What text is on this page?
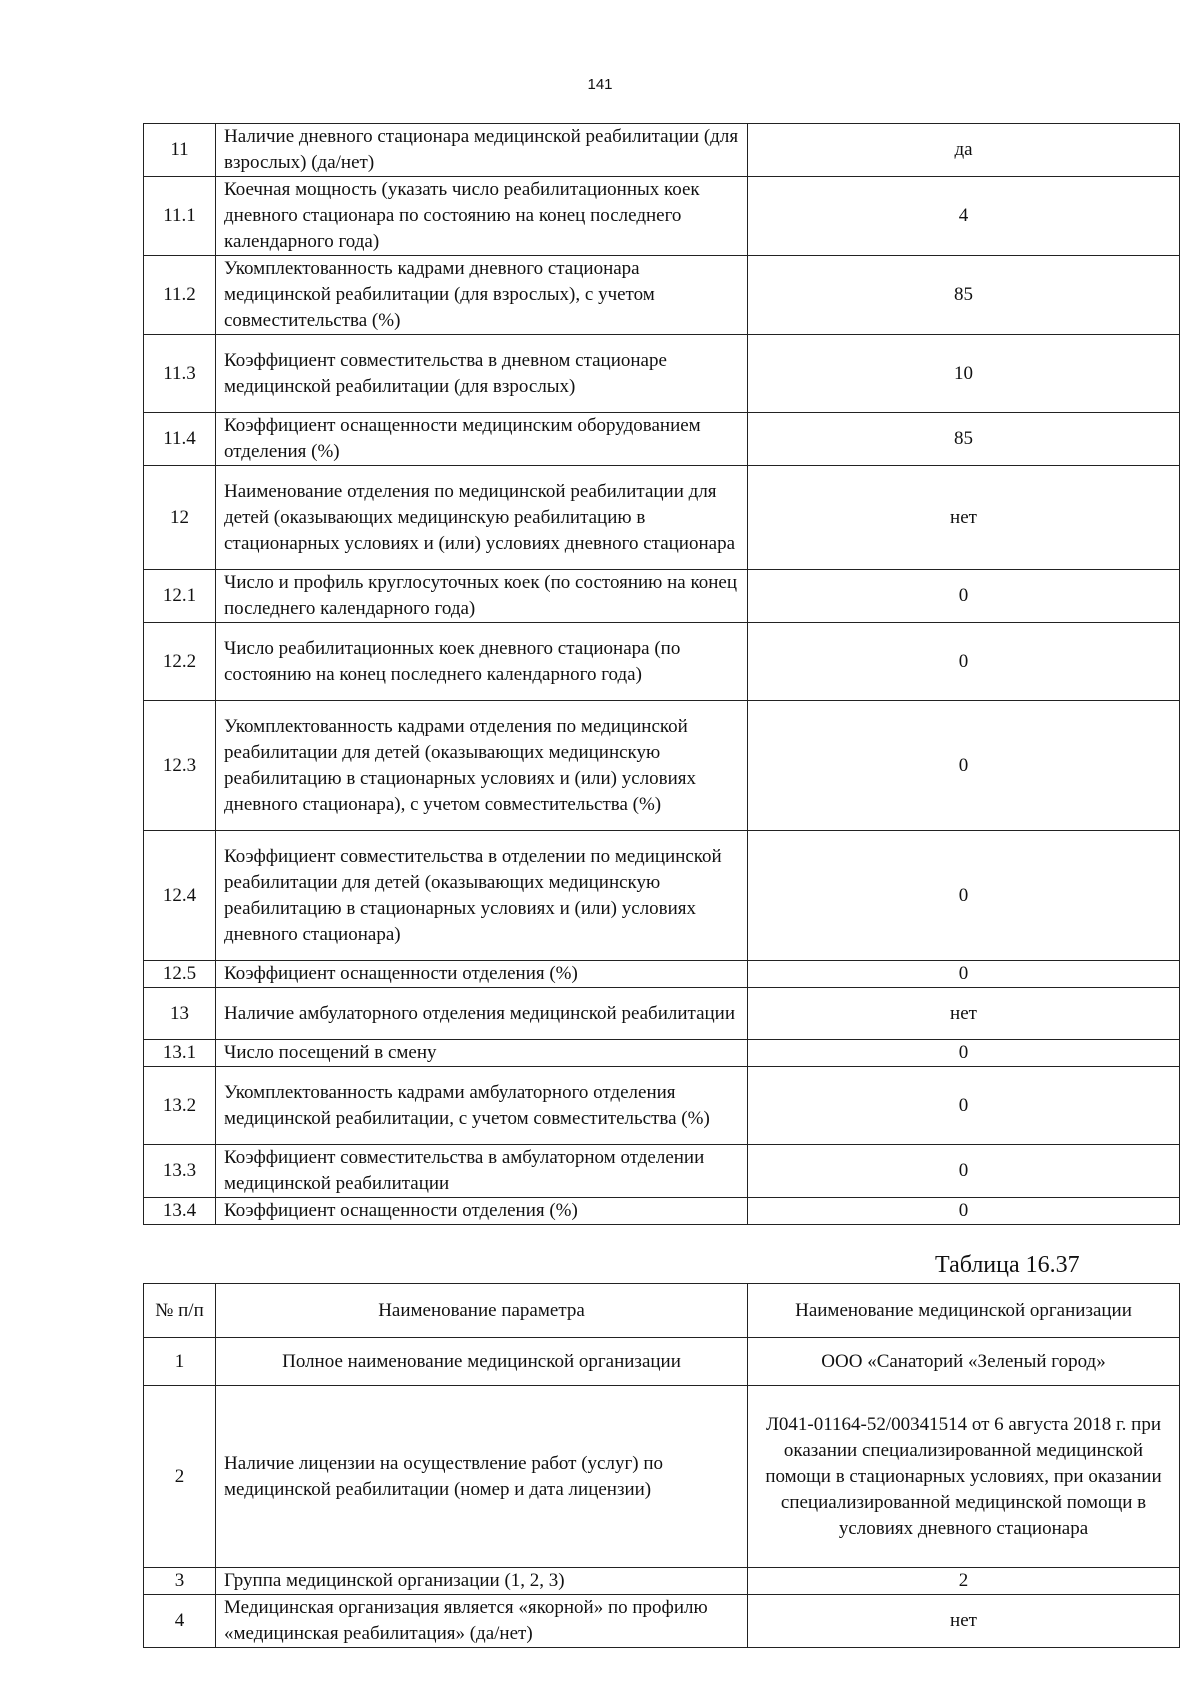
141
11	Наличие дневного стационара медицинской реабилитации (для взрослых) (да/нет)	да
11.1	Коечная мощность (указать число реабилитационных коек дневного стационара по состоянию на конец последнего календарного года)	4
11.2	Укомплектованность кадрами дневного стационара медицинской реабилитации (для взрослых), с учетом совместительства (%)	85
11.3	Коэффициент совместительства в дневном стационаре медицинской реабилитации (для взрослых)	10
11.4	Коэффициент оснащенности медицинским оборудованием отделения (%)	85
12	Наименование отделения по медицинской реабилитации для детей (оказывающих медицинскую реабилитацию в стационарных условиях и (или) условиях дневного стационара	нет
12.1	Число и профиль круглосуточных коек (по состоянию на конец последнего календарного года)	0
12.2	Число реабилитационных коек дневного стационара (по состоянию на конец последнего календарного года)	0
12.3	Укомплектованность кадрами отделения по медицинской реабилитации для детей (оказывающих медицинскую реабилитацию в стационарных условиях и (или) условиях дневного стационара), с учетом совместительства (%)	0
12.4	Коэффициент совместительства в отделении по медицинской реабилитации для детей (оказывающих медицинскую реабилитацию в стационарных условиях и (или) условиях дневного стационара)	0
12.5	Коэффициент оснащенности отделения (%)	0
13	Наличие амбулаторного отделения медицинской реабилитации	нет
13.1	Число посещений в смену	0
13.2	Укомплектованность кадрами амбулаторного отделения медицинской реабилитации, с учетом совместительства (%)	0
13.3	Коэффициент совместительства в амбулаторном отделении медицинской реабилитации	0
13.4	Коэффициент оснащенности отделения (%)	0
Таблица 16.37
№ п/п	Наименование параметра	Наименование медицинской организации
1	Полное наименование медицинской организации	ООО «Санаторий «Зеленый город»
2	Наличие лицензии на осуществление работ (услуг) по медицинской реабилитации (номер и дата лицензии)	Л041-01164-52/00341514 от 6 августа 2018 г. при оказании специализированной медицинской помощи в стационарных условиях, при оказании специализированной медицинской помощи в условиях дневного стационара
3	Группа медицинской организации (1, 2, 3)	2
4	Медицинская организация является «якорной» по профилю «медицинская реабилитация» (да/нет)	нет
